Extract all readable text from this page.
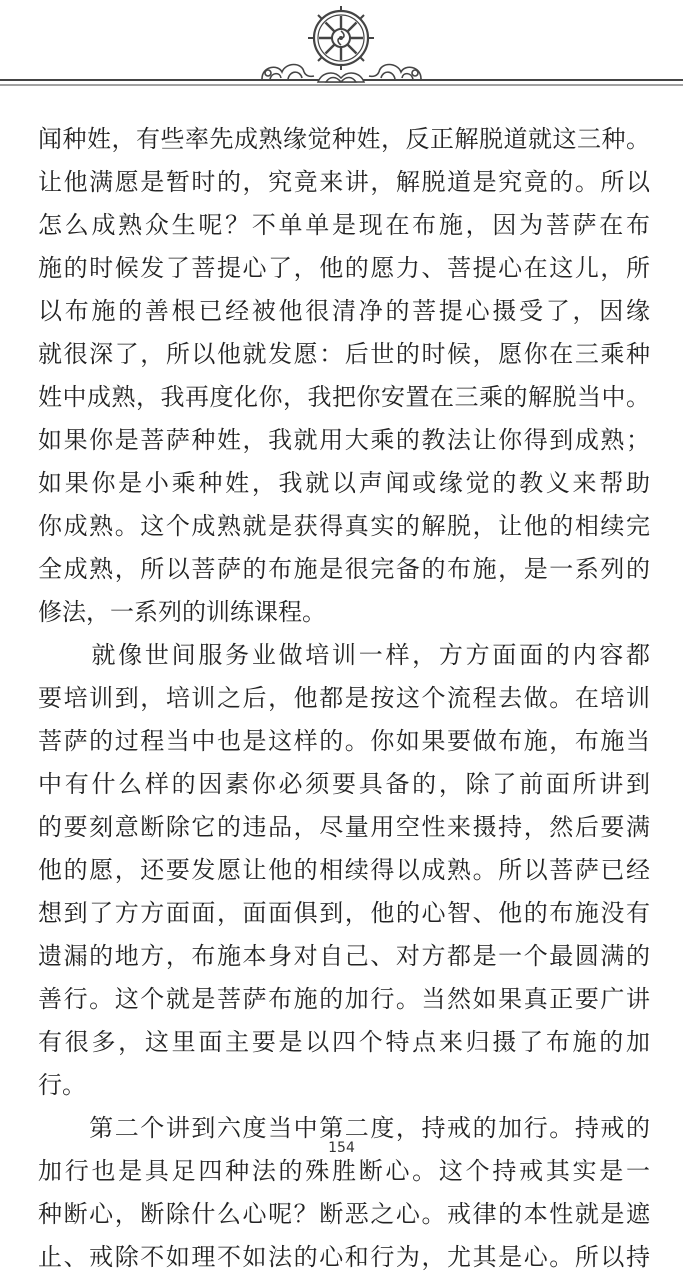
闻种姓，有些率先成熟缘觉种姓，反正解脱道就这三种。
让他满愿是暂时的，究竟来讲，解脱道是究竟的。所以
怎么成熟众生呢？不单单是现在布施，因为菩萨在布
施的时候发了菩提心了，他的愿力、菩提心在这儿，所
以布施的善根已经被他很清净的菩提心摄受了，因缘
就很深了，所以他就发愿：后世的时候，愿你在三乘种
姓中成熟，我再度化你，我把你安置在三乘的解脱当中。
如果你是菩萨种姓，我就用大乘的教法让你得到成熟；
如果你是小乘种姓，我就以声闻或缘觉的教义来帮助
你成熟。这个成熟就是获得真实的解脱，让他的相续完
全成熟，所以菩萨的布施是很完备的布施，是一系列的
修法，一系列的训练课程。
　　就像世间服务业做培训一样，方方面面的内容都
要培训到，培训之后，他都是按这个流程去做。在培训
菩萨的过程当中也是这样的。你如果要做布施，布施当
中有什么样的因素你必须要具备的，除了前面所讲到
的要刻意断除它的违品，尽量用空性来摄持，然后要满
他的愿，还要发愿让他的相续得以成熟。所以菩萨已经
想到了方方面面，面面俱到，他的心智、他的布施没有
遗漏的地方，布施本身对自己、对方都是一个最圆满的
善行。这个就是菩萨布施的加行。当然如果真正要广讲
有很多，这里面主要是以四个特点来归摄了布施的加
行。
　　第二个讲到六度当中第二度，持戒的加行。持戒的
加行也是具足四种法的殊胜断心。这个持戒其实是一
种断心，断除什么心呢？断恶之心。戒律的本性就是遮
止、戒除不如理不如法的心和行为，尤其是心。所以持
154
